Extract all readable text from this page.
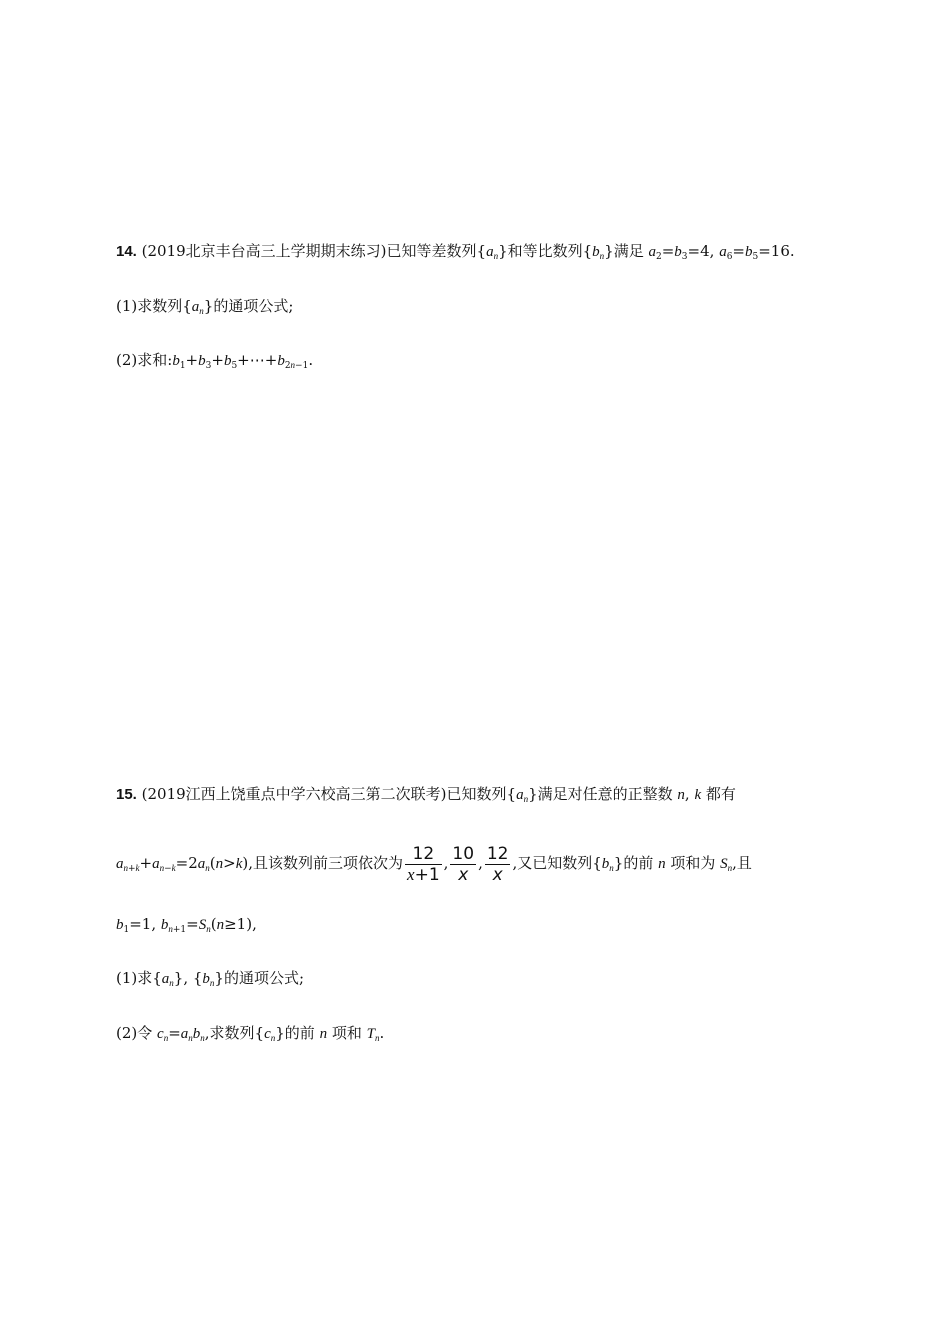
14. (2019北京丰台高三上学期期末练习)已知等差数列$\{a_n\}$和等比数列$\{b_n\}$满足 $a_2=b_3=4$, $a_6=b_5=16$.
(1)求数列$\{a_n\}$的通项公式;
(2)求和$:b_1+b_3+b_5+\cdots+b_{2n-1}$.
15. (2019江西上饶重点中学六校高三第二次联考)已知数列$\{a_n\}$满足对任意的正整数 n, k 都有
$a_{n+k}+a_{n-k}=2a_n(n>k)$,且该数列前三项依次为 $\frac{12}{x+1}$ , $\frac{10}{x}$ , $\frac{12}{x}$ ,又已知数列$\{b_n\}$的前 n 项和为 $S_n$,且
$b_1=1$, $b_{n+1}=S_n(n\ge 1)$,
(1)求$\{a_n\}$, $\{b_n\}$的通项公式;
(2)令 $c_n=a_nb_n$,求数列$\{c_n\}$的前 n 项和 $T_n$.
